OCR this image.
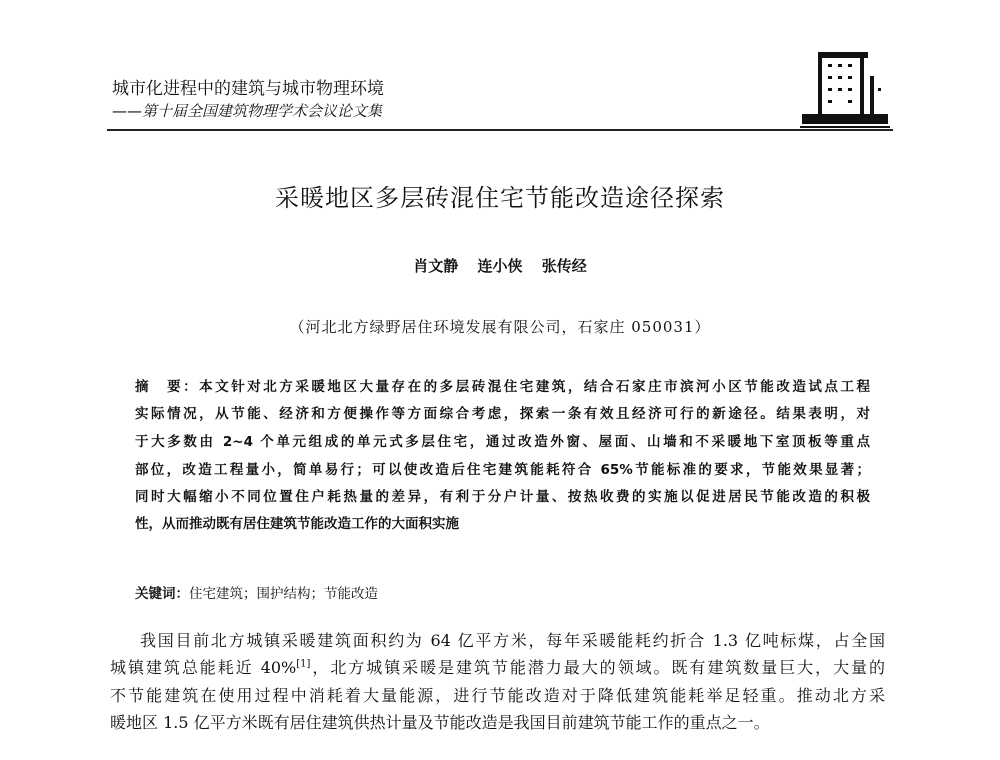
城市化进程中的建筑与城市物理环境
——第十届全国建筑物理学术会议论文集
采暖地区多层砖混住宅节能改造途径探索
肖文静 连小侠 张传经
（河北北方绿野居住环境发展有限公司，石家庄 050031）
摘　要：本文针对北方采暖地区大量存在的多层砖混住宅建筑，结合石家庄市滨河小区节能改造试点工程
实际情况，从节能、经济和方便操作等方面综合考虑，探索一条有效且经济可行的新途径。结果表明，对
于大多数由 2~4 个单元组成的单元式多层住宅，通过改造外窗、屋面、山墙和不采暖地下室顶板等重点
部位，改造工程量小，简单易行；可以使改造后住宅建筑能耗符合 65%节能标准的要求，节能效果显著；
同时大幅缩小不同位置住户耗热量的差异，有利于分户计量、按热收费的实施以促进居民节能改造的积极
性，从而推动既有居住建筑节能改造工作的大面积实施
关键词：住宅建筑；围护结构；节能改造
我国目前北方城镇采暖建筑面积约为 64 亿平方米，每年采暖能耗约折合 1.3 亿吨标煤，占全国
城镇建筑总能耗近 40%[1]，北方城镇采暖是建筑节能潜力最大的领域。既有建筑数量巨大，大量的
不节能建筑在使用过程中消耗着大量能源，进行节能改造对于降低建筑能耗举足轻重。推动北方采
暖地区 1.5 亿平方米既有居住建筑供热计量及节能改造是我国目前建筑节能工作的重点之一。
